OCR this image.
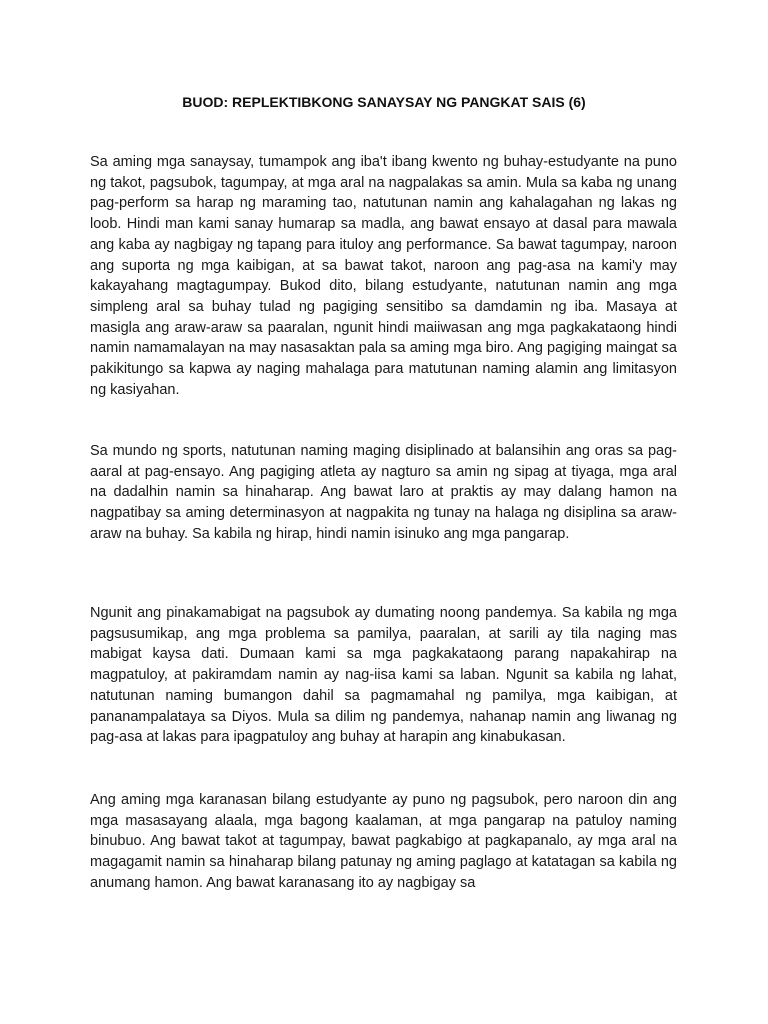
BUOD: REPLEKTIBKONG SANAYSAY NG PANGKAT SAIS (6)

Sa aming mga sanaysay, tumampok ang iba't ibang kwento ng buhay-estudyante na puno ng takot, pagsubok, tagumpay, at mga aral na nagpalakas sa amin. Mula sa kaba ng unang pag-perform sa harap ng maraming tao, natutunan namin ang kahalagahan ng lakas ng loob. Hindi man kami sanay humarap sa madla, ang bawat ensayo at dasal para mawala ang kaba ay nagbigay ng tapang para ituloy ang performance. Sa bawat tagumpay, naroon ang suporta ng mga kaibigan, at sa bawat takot, naroon ang pag-asa na kami'y may kakayahang magtagumpay. Bukod dito, bilang estudyante, natutunan namin ang mga simpleng aral sa buhay tulad ng pagiging sensitibo sa damdamin ng iba. Masaya at masigla ang araw-araw sa paaralan, ngunit hindi maiiwasan ang mga pagkakataong hindi namin namamalayan na may nasasaktan pala sa aming mga biro. Ang pagiging maingat sa pakikitungo sa kapwa ay naging mahalaga para matutunan naming alamin ang limitasyon ng kasiyahan.

Sa mundo ng sports, natutunan naming maging disiplinado at balansihin ang oras sa pag-aaral at pag-ensayo. Ang pagiging atleta ay nagturo sa amin ng sipag at tiyaga, mga aral na dadalhin namin sa hinaharap. Ang bawat laro at praktis ay may dalang hamon na nagpatibay sa aming determinasyon at nagpakita ng tunay na halaga ng disiplina sa araw-araw na buhay. Sa kabila ng hirap, hindi namin isinuko ang mga pangarap.

Ngunit ang pinakamabigat na pagsubok ay dumating noong pandemya. Sa kabila ng mga pagsusumikap, ang mga problema sa pamilya, paaralan, at sarili ay tila naging mas mabigat kaysa dati. Dumaan kami sa mga pagkakataong parang napakahirap na magpatuloy, at pakiramdam namin ay nag-iisa kami sa laban. Ngunit sa kabila ng lahat, natutunan naming bumangon dahil sa pagmamahal ng pamilya, mga kaibigan, at pananampalataya sa Diyos. Mula sa dilim ng pandemya, nahanap namin ang liwanag ng pag-asa at lakas para ipagpatuloy ang buhay at harapin ang kinabukasan.

Ang aming mga karanasan bilang estudyante ay puno ng pagsubok, pero naroon din ang mga masasayang alaala, mga bagong kaalaman, at mga pangarap na patuloy naming binubuo. Ang bawat takot at tagumpay, bawat pagkabigo at pagkapanalo, ay mga aral na magagamit namin sa hinaharap bilang patunay ng aming paglago at katatagan sa kabila ng anumang hamon. Ang bawat karanasang ito ay nagbigay sa
